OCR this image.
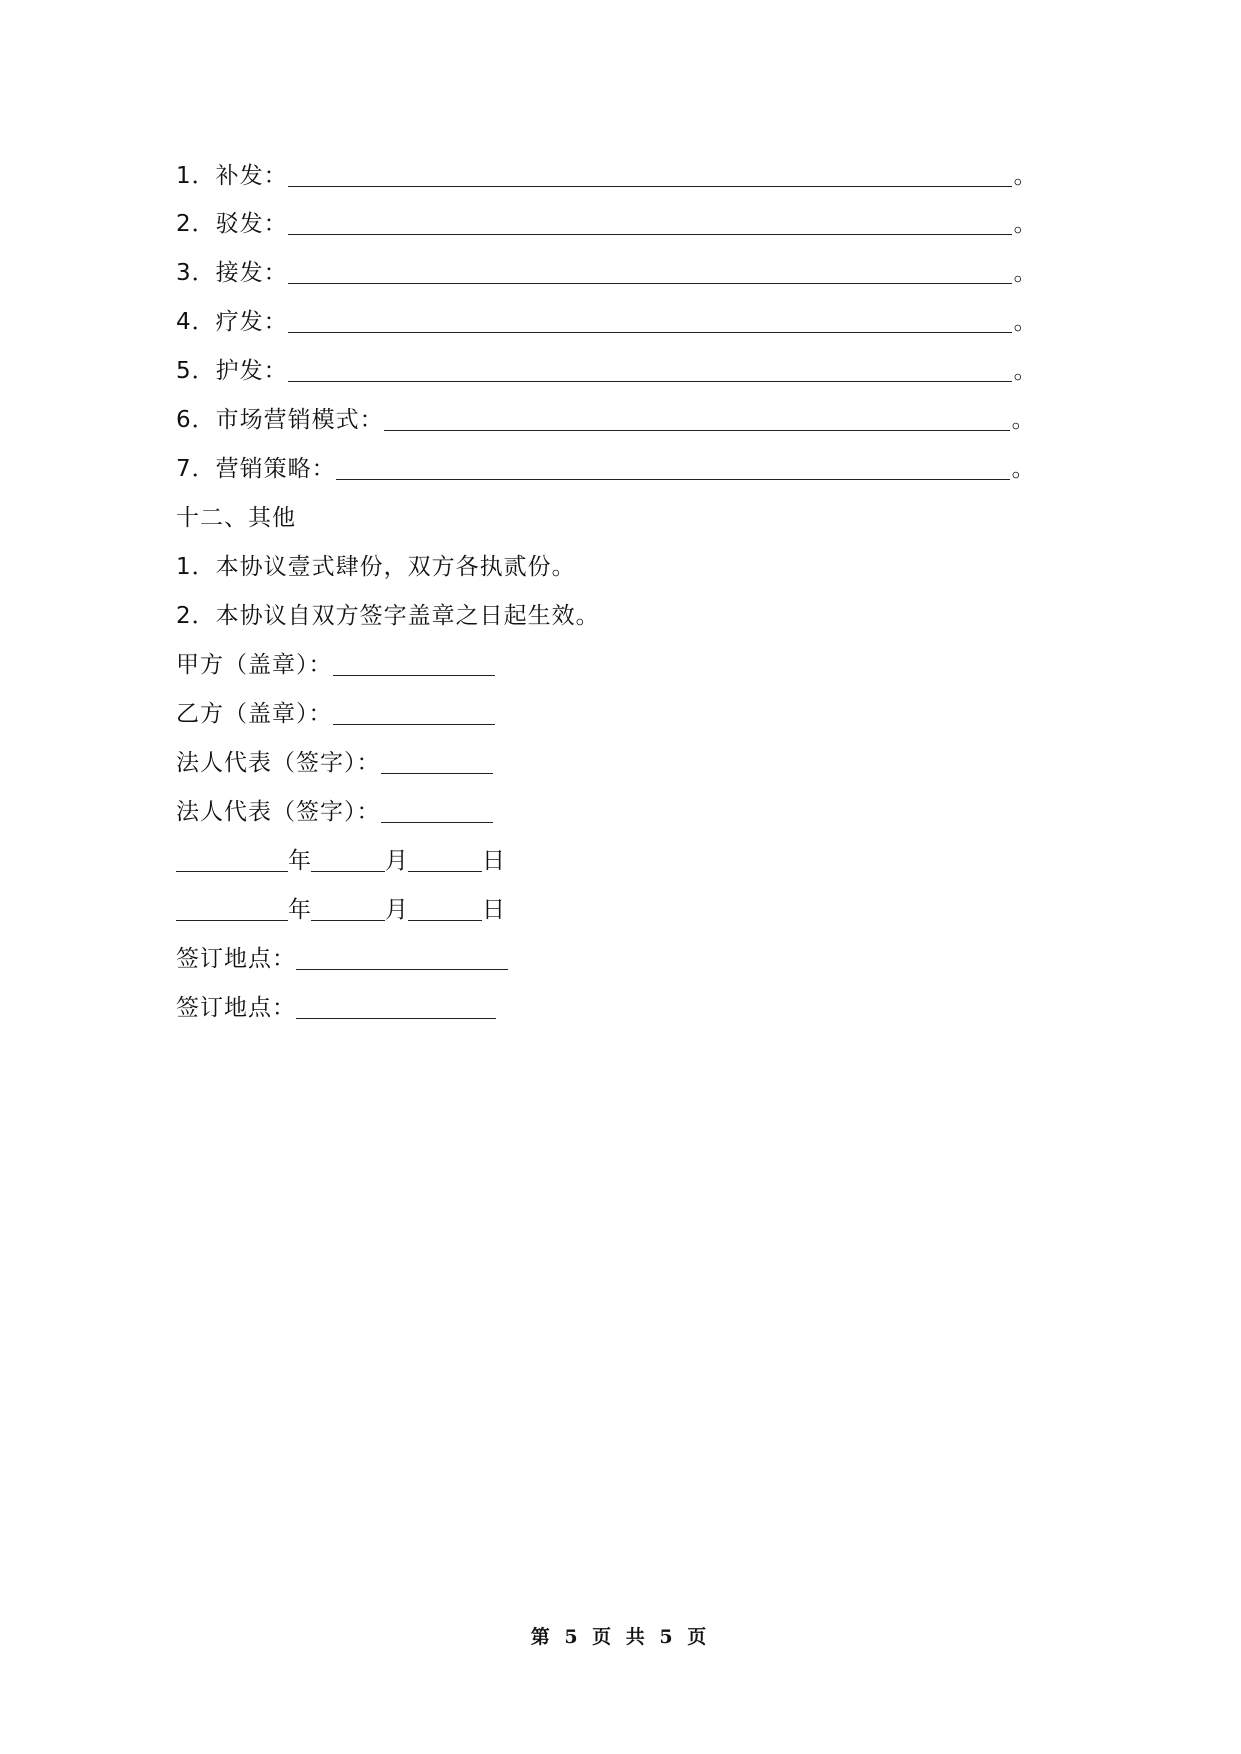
1．补发：	。
2．驳发：	。
3．接发：	。
4．疗发：	。
5．护发：	。
6．市场营销模式：	。
7．营销策略：	。
十二、其他
1．本协议壹式肆份，双方各执贰份。
2．本协议自双方签字盖章之日起生效。
甲方（盖章）：
乙方（盖章）：
法人代表（签字）：
法人代表（签字）：
年	月	日
年	月	日
签订地点：
签订地点：
第 5 页 共 5 页
